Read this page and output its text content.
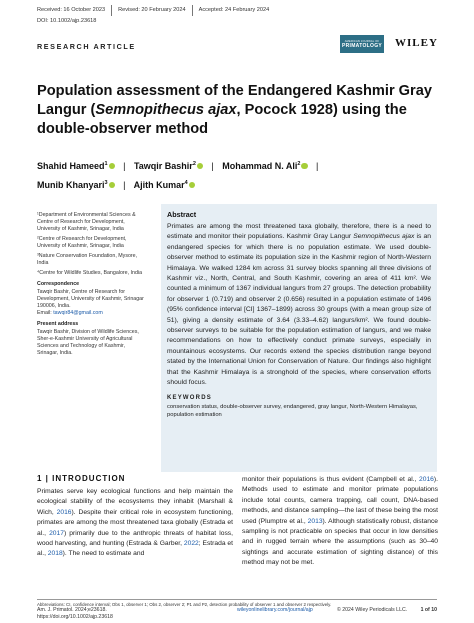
Received: 16 October 2023	Revised: 20 February 2024	Accepted: 24 February 2024
DOI: 10.1002/ajp.23618
RESEARCH ARTICLE
AMERICAN JOURNAL OF
PRIMATOLOGY WILEY
Population assessment of the Endangered Kashmir Gray Langur (Semnopithecus ajax, Pocock 1928) using the double-observer method
Shahid Hameed$^1$ | Tawqir Bashir$^2$ | Mohammad N. Ali$^2$ |
Munib Khanyari$^3$ | Ajith Kumar$^4$

¹Department of Environmental Sciences & Centre of Research for Development, University of Kashmir, Srinagar, India

²Centre of Research for Development, University of Kashmir, Srinagar, India

³Nature Conservation Foundation, Mysore, India

⁴Centre for Wildlife Studies, Bangalore, India

Correspondence

Tawqir Bashir, Centre of Research for Development, University of Kashmir, Srinagar 190006, India.
Email: tawqir84@gmail.com

Present address

Tawqir Bashir, Division of Wildlife Sciences, Sher-e-Kashmir University of Agricultural Sciences and Technology of Kashmir, Srinagar, India.

Abstract

Primates are among the most threatened taxa globally, therefore, there is a need to estimate and monitor their populations. Kashmir Gray Langur Semnopithecus ajax is an endangered species for which there is no population estimate. We used double-observer method to estimate its population size in the Kashmir region of North-Western Himalaya. We walked 1284 km across 31 survey blocks spanning all three divisions of Kashmir viz., North, Central, and South Kashmir, covering an area of 411 km². We counted a minimum of 1367 individual langurs from 27 groups. The detection probability for observer 1 (0.719) and observer 2 (0.656) resulted in a population estimate of 1496 (95% confidence interval [CI] 1367–1899) across 30 groups (with a mean group size of 51), giving a density estimate of 3.64 (3.33–4.62) langurs/km². We found double-observer surveys to be suitable for the population estimation of langurs, and we make recommendations on how to effectively conduct primate surveys, especially in mountainous ecosystems. Our records extend the species distribution range beyond stated by the International Union for Conservation of Nature. Our findings also highlight that the Kashmir Himalaya is a stronghold of the species, where conservation efforts should focus.

KEYWORDS
conservation status, double-observer survey, endangered, gray langur, North-Western Himalayas, population estimation
1 | INTRODUCTION
Primates serve key ecological functions and help maintain the ecological stability of the ecosystems they inhabit (Marshall & Wich, 2016). Despite their critical role in ecosystem functioning, primates are among the most threatened taxa globally (Estrada et al., 2017) primarily due to the anthropic threats of habitat loss, wood harvesting, and hunting (Estrada & Garber, 2022; Estrada et al., 2018). The need to estimate and
monitor their populations is thus evident (Campbell et al., 2016). Methods used to estimate and monitor primate populations include total counts, camera trapping, call count, DNA-based methods, and distance sampling—the last of these being the most used (Plumptre et al., 2013). Although statistically robust, distance sampling is not practicable on species that occur in low densities and in rugged terrain where the assumptions (such as 30–40 sightings and accurate estimation of sighting distance) of this method may not be met.
Abbreviations: CI, confidence interval; Obs 1, observer 1; Obs 2, observer 2; P1 and P2, detection probability of observer 1 and observer 2 respectively.
Am. J. Primatol. 2024;e23618.
https://doi.org/10.1002/ajp.23618
wileyonlinelibrary.com/journal/ajp	© 2024 Wiley Periodicals LLC.	1 of 10
